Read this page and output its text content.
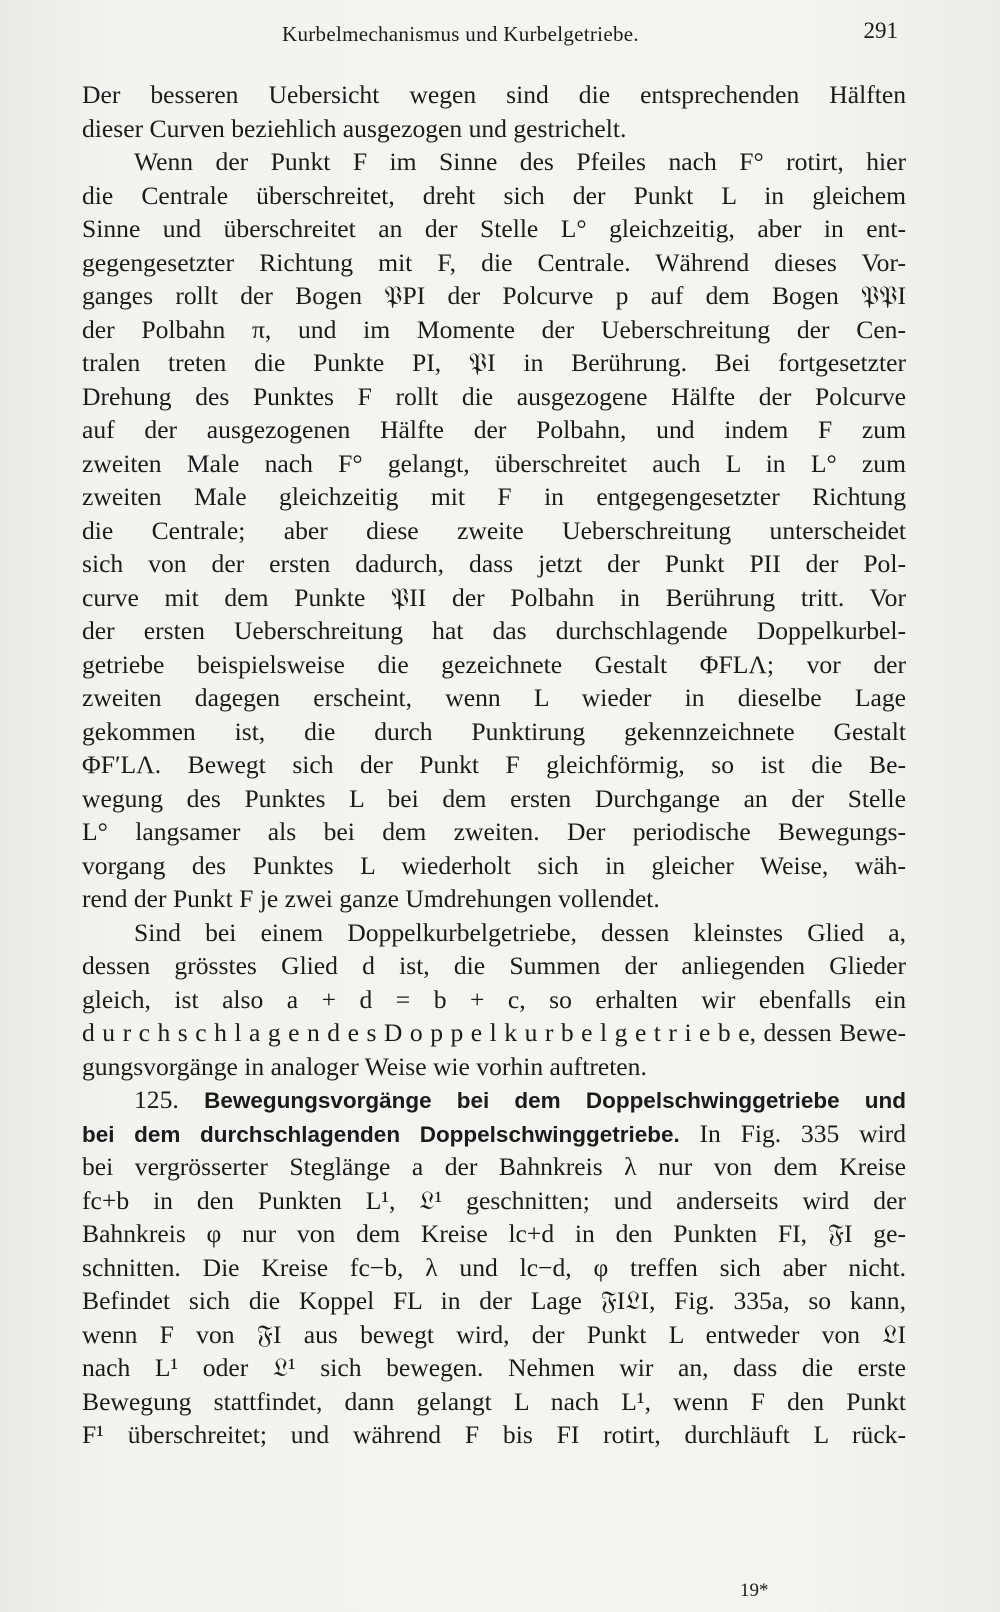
Kurbelmechanismus und Kurbelgetriebe.	291
Der besseren Uebersicht wegen sind die entsprechenden Hälften
dieser Curven beziehlich ausgezogen und gestrichelt.
Wenn der Punkt F im Sinne des Pfeiles nach F° rotirt, hier
die Centrale überschreitet, dreht sich der Punkt L in gleichem
Sinne und überschreitet an der Stelle L° gleichzeitig, aber in ent-
gegengesetzter Richtung mit F, die Centrale. Während dieses Vor-
ganges rollt der Bogen 𝔓PI der Polcurve p auf dem Bogen 𝔓𝔓I
der Polbahn π, und im Momente der Ueberschreitung der Cen-
tralen treten die Punkte PI, 𝔓I in Berührung. Bei fortgesetzter
Drehung des Punktes F rollt die ausgezogene Hälfte der Polcurve
auf der ausgezogenen Hälfte der Polbahn, und indem F zum
zweiten Male nach F° gelangt, überschreitet auch L in L° zum
zweiten Male gleichzeitig mit F in entgegengesetzter Richtung
die Centrale; aber diese zweite Ueberschreitung unterscheidet
sich von der ersten dadurch, dass jetzt der Punkt PII der Pol-
curve mit dem Punkte 𝔓II der Polbahn in Berührung tritt. Vor
der ersten Ueberschreitung hat das durchschlagende Doppelkurbel-
getriebe beispielsweise die gezeichnete Gestalt ΦFLΛ; vor der
zweiten dagegen erscheint, wenn L wieder in dieselbe Lage
gekommen ist, die durch Punktirung gekennzeichnete Gestalt
ΦF′LΛ. Bewegt sich der Punkt F gleichförmig, so ist die Be-
wegung des Punktes L bei dem ersten Durchgange an der Stelle
L° langsamer als bei dem zweiten. Der periodische Bewegungs-
vorgang des Punktes L wiederholt sich in gleicher Weise, wäh-
rend der Punkt F je zwei ganze Umdrehungen vollendet.
Sind bei einem Doppelkurbelgetriebe, dessen kleinstes Glied a,
dessen grösstes Glied d ist, die Summen der anliegenden Glieder
gleich, ist also a + d = b + c, so erhalten wir ebenfalls ein
d u r c h s c h l a g e n d e s D o p p e l k u r b e l g e t r i e b e, dessen Bewe-
gungsvorgänge in analoger Weise wie vorhin auftreten.
125. Bewegungsvorgänge bei dem Doppelschwinggetriebe und
bei dem durchschlagenden Doppelschwinggetriebe. In Fig. 335 wird
bei vergrösserter Steglänge a der Bahnkreis λ nur von dem Kreise
fc+b in den Punkten L¹, 𝔏¹ geschnitten; und anderseits wird der
Bahnkreis φ nur von dem Kreise lc+d in den Punkten FI, 𝔉I ge-
schnitten. Die Kreise fc−b, λ und lc−d, φ treffen sich aber nicht.
Befindet sich die Koppel FL in der Lage 𝔉I𝔏I, Fig. 335a, so kann,
wenn F von 𝔉I aus bewegt wird, der Punkt L entweder von 𝔏I
nach L¹ oder 𝔏¹ sich bewegen. Nehmen wir an, dass die erste
Bewegung stattfindet, dann gelangt L nach L¹, wenn F den Punkt
F¹ überschreitet; und während F bis FI rotirt, durchläuft L rück-
19*
